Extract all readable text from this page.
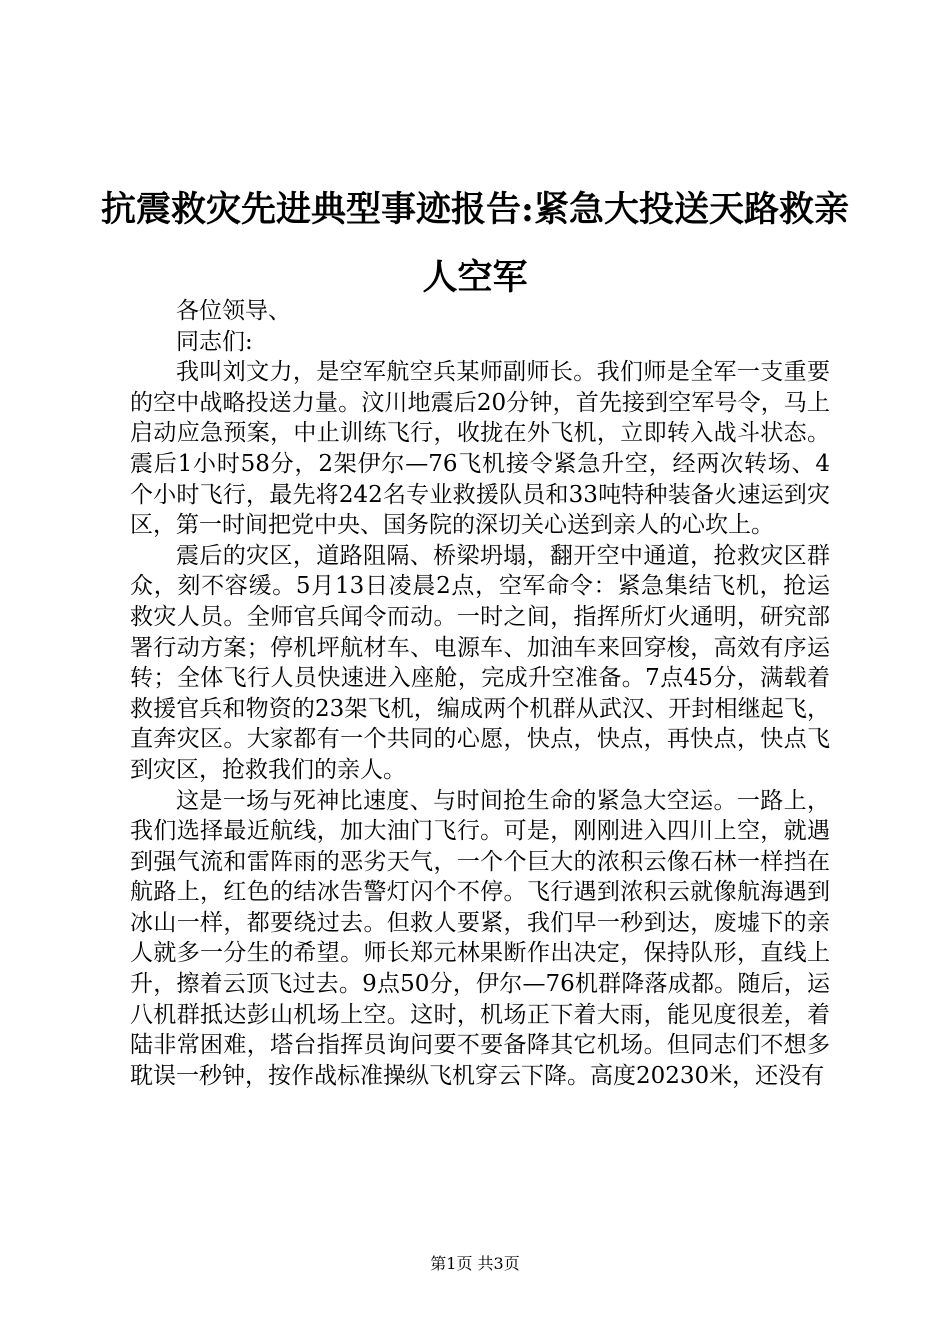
抗震救灾先进典型事迹报告:紧急大投送天路救亲人空军

各位领导、

同志们:

我叫刘文力，是空军航空兵某师副师长。我们师是全军一支重要的空中战略投送力量。汶川地震后20分钟，首先接到空军号令，马上启动应急预案，中止训练飞行，收拢在外飞机，立即转入战斗状态。震后1小时58分，2架伊尔—76飞机接令紧急升空，经两次转场、4个小时飞行，最先将242名专业救援队员和33吨特种装备火速运到灾区，第一时间把党中央、国务院的深切关心送到亲人的心坎上。

震后的灾区，道路阻隔、桥梁坍塌，翻开空中通道，抢救灾区群众，刻不容缓。5月13日凌晨2点，空军命令：紧急集结飞机，抢运救灾人员。全师官兵闻令而动。一时之间，指挥所灯火通明，研究部署行动方案；停机坪航材车、电源车、加油车来回穿梭，高效有序运转；全体飞行人员快速进入座舱，完成升空准备。7点45分，满载着救援官兵和物资的23架飞机，编成两个机群从武汉、开封相继起飞，直奔灾区。大家都有一个共同的心愿，快点，快点，再快点，快点飞到灾区，抢救我们的亲人。

这是一场与死神比速度、与时间抢生命的紧急大空运。一路上，我们选择最近航线，加大油门飞行。可是，刚刚进入四川上空，就遇到强气流和雷阵雨的恶劣天气，一个个巨大的浓积云像石林一样挡在航路上，红色的结冰告警灯闪个不停。飞行遇到浓积云就像航海遇到冰山一样，都要绕过去。但救人要紧，我们早一秒到达，废墟下的亲人就多一分生的希望。师长郑元林果断作出决定，保持队形，直线上升，擦着云顶飞过去。9点50分，伊尔—76机群降落成都。随后，运八机群抵达彭山机场上空。这时，机场正下着大雨，能见度很差，着陆非常困难，塔台指挥员询问要不要备降其它机场。但同志们不想多耽误一秒钟，按作战标准操纵飞机穿云下降。高度20230米，还没有

第1页 共3页
